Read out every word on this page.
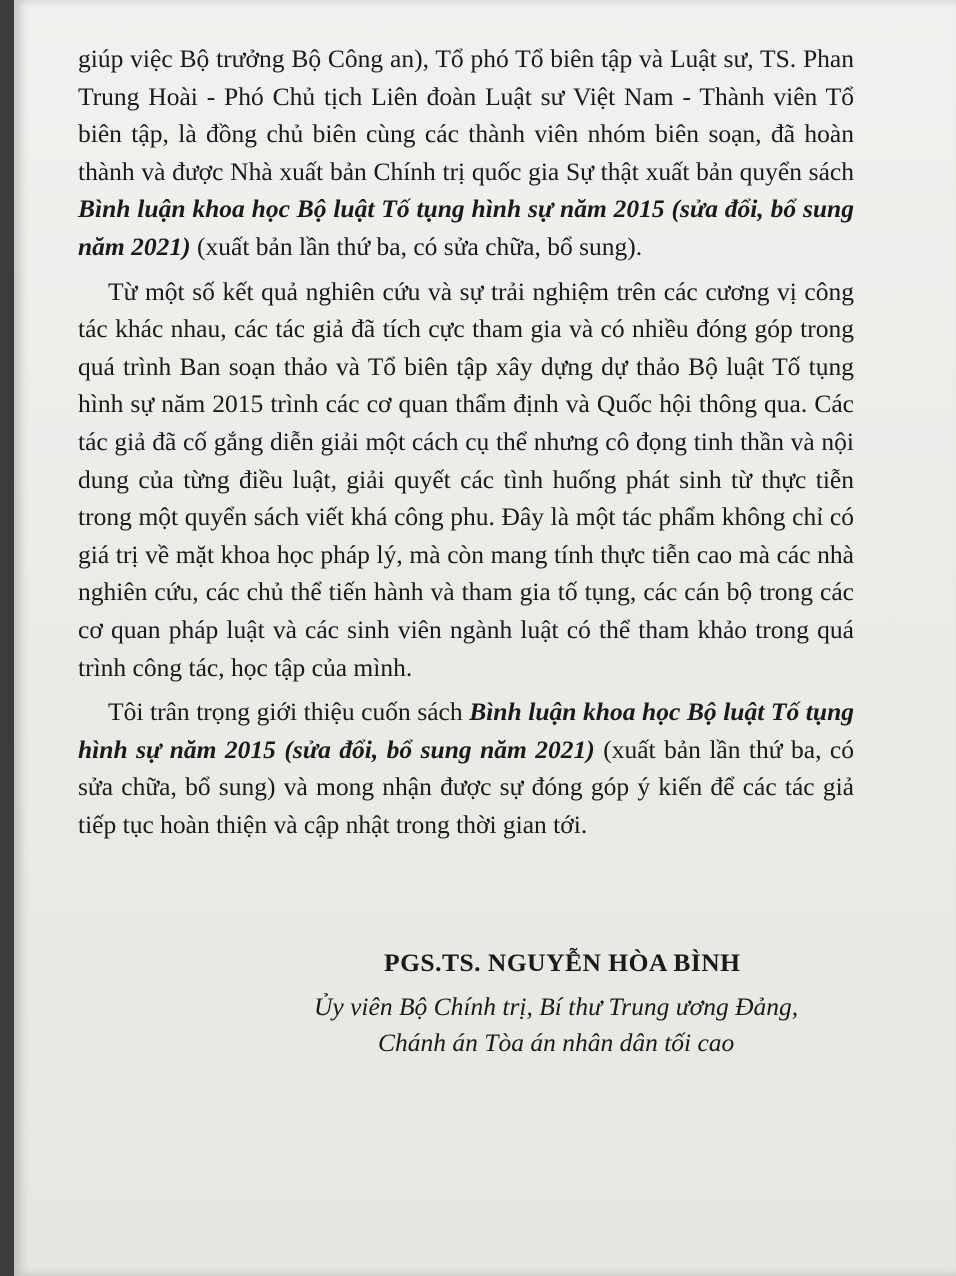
giúp việc Bộ trưởng Bộ Công an), Tổ phó Tổ biên tập và Luật sư, TS. Phan Trung Hoài - Phó Chủ tịch Liên đoàn Luật sư Việt Nam - Thành viên Tổ biên tập, là đồng chủ biên cùng các thành viên nhóm biên soạn, đã hoàn thành và được Nhà xuất bản Chính trị quốc gia Sự thật xuất bản quyển sách Bình luận khoa học Bộ luật Tố tụng hình sự năm 2015 (sửa đổi, bổ sung năm 2021) (xuất bản lần thứ ba, có sửa chữa, bổ sung).

Từ một số kết quả nghiên cứu và sự trải nghiệm trên các cương vị công tác khác nhau, các tác giả đã tích cực tham gia và có nhiều đóng góp trong quá trình Ban soạn thảo và Tổ biên tập xây dựng dự thảo Bộ luật Tố tụng hình sự năm 2015 trình các cơ quan thẩm định và Quốc hội thông qua. Các tác giả đã cố gắng diễn giải một cách cụ thể nhưng cô đọng tinh thần và nội dung của từng điều luật, giải quyết các tình huống phát sinh từ thực tiễn trong một quyển sách viết khá công phu. Đây là một tác phẩm không chỉ có giá trị về mặt khoa học pháp lý, mà còn mang tính thực tiễn cao mà các nhà nghiên cứu, các chủ thể tiến hành và tham gia tố tụng, các cán bộ trong các cơ quan pháp luật và các sinh viên ngành luật có thể tham khảo trong quá trình công tác, học tập của mình.

Tôi trân trọng giới thiệu cuốn sách Bình luận khoa học Bộ luật Tố tụng hình sự năm 2015 (sửa đổi, bổ sung năm 2021) (xuất bản lần thứ ba, có sửa chữa, bổ sung) và mong nhận được sự đóng góp ý kiến để các tác giả tiếp tục hoàn thiện và cập nhật trong thời gian tới.

PGS.TS. NGUYỄN HÒA BÌNH
Ủy viên Bộ Chính trị, Bí thư Trung ương Đảng,
Chánh án Tòa án nhân dân tối cao
